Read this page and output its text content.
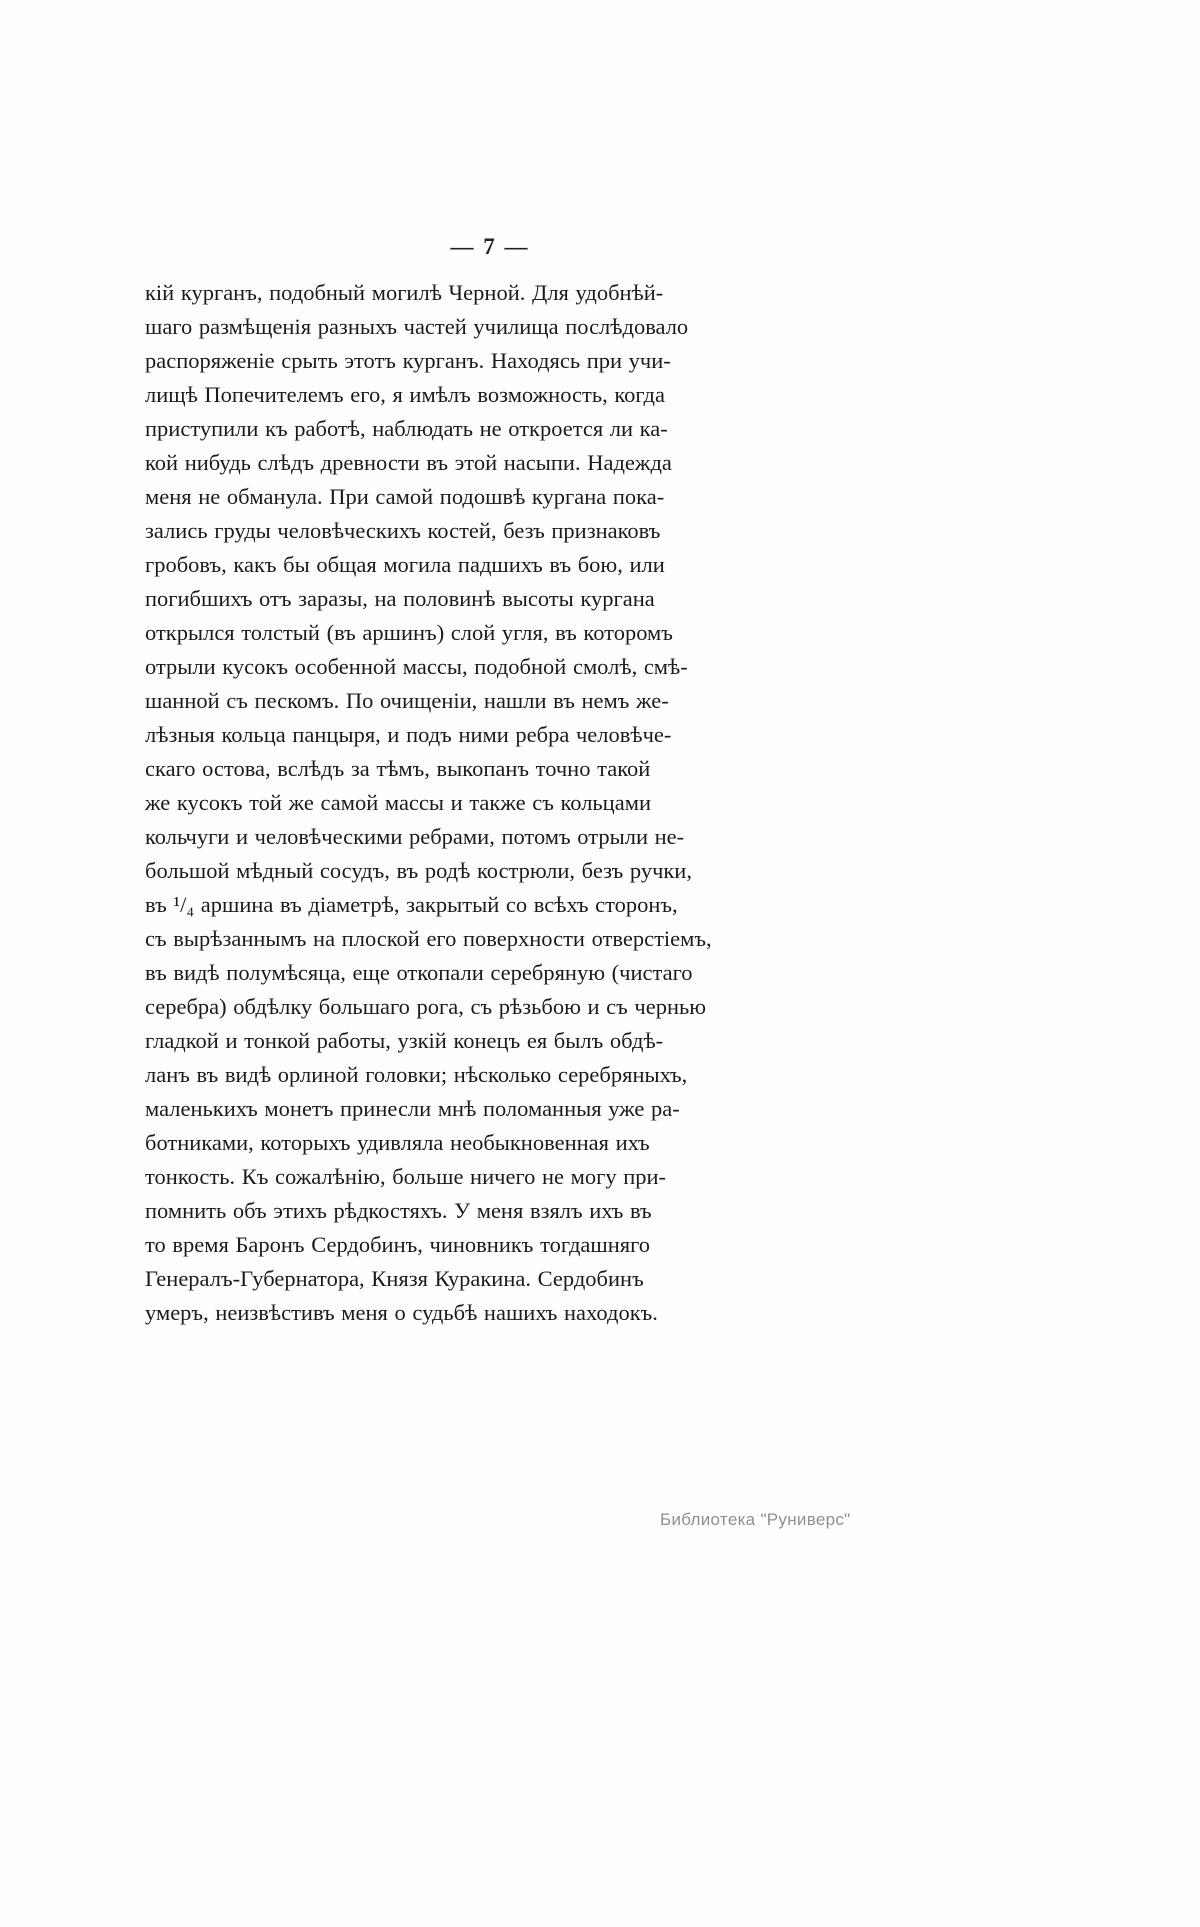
— 7 —
кій курганъ, подобный могилѣ Черной. Для удобнѣй-
шаго размѣщенія разныхъ частей училища послѣдовало
распоряженіе срыть этотъ курганъ. Находясь при учи-
лищѣ Попечителемъ его, я имѣлъ возможность, когда
приступили къ работѣ, наблюдать не откроется ли ка-
кой нибудь слѣдъ древности въ этой насыпи. Надежда
меня не обманула. При самой подошвѣ кургана пока-
зались груды человѣческихъ костей, безъ признаковъ
гробовъ, какъ бы общая могила падшихъ въ бою, или
погибшихъ отъ заразы, на половинѣ высоты кургана
открылся толстый (въ аршинъ) слой угля, въ которомъ
отрыли кусокъ особенной массы, подобной смолѣ, смѣ-
шанной съ пескомъ. По очищеніи, нашли въ немъ же-
лѣзныя кольца панцыря, и подъ ними ребра человѣче-
скаго остова, вслѣдъ за тѣмъ, выкопанъ точно такой
же кусокъ той же самой массы и также съ кольцами
кольчуги и человѣческими ребрами, потомъ отрыли не-
большой мѣдный сосудъ, въ родѣ кострюли, безъ ручки,
въ ¹/₄ аршина въ діаметрѣ, закрытый со всѣхъ сторонъ,
съ вырѣзаннымъ на плоской его поверхности отверстіемъ,
въ видѣ полумѣсяца, еще откопали серебряную (чистаго
серебра) обдѣлку большаго рога, съ рѣзьбою и съ чернью
гладкой и тонкой работы, узкій конецъ ея былъ обдѣ-
ланъ въ видѣ орлиной головки; нѣсколько серебряныхъ,
маленькихъ монетъ принесли мнѣ поломанныя уже ра-
ботниками, которыхъ удивляла необыкновенная ихъ
тонкость. Къ сожалѣнію, больше ничего не могу при-
помнить объ этихъ рѣдкостяхъ. У меня взялъ ихъ въ
то время Баронъ Сердобинъ, чиновникъ тогдашняго
Генералъ-Губернатора, Князя Куракина. Сердобинъ
умеръ, неизвѣстивъ меня о судьбѣ нашихъ находокъ.
Библиотека "Руниверс"
